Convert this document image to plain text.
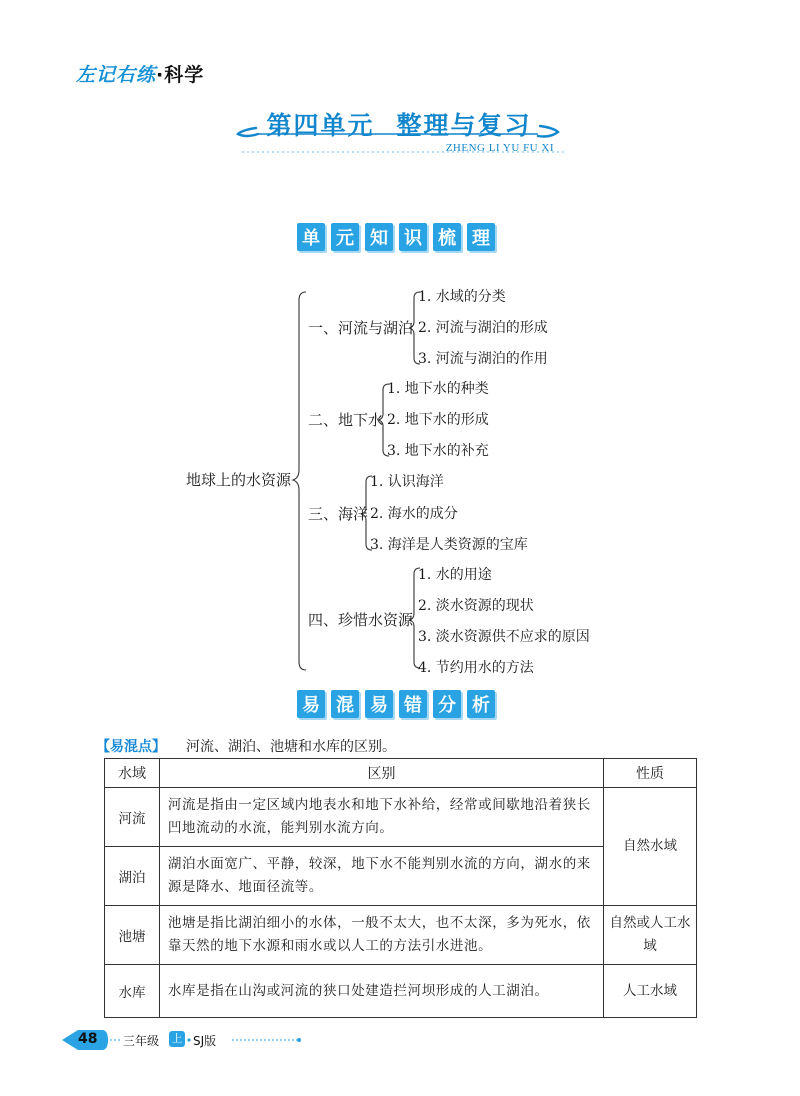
左记右练·科学
第四单元 整理与复习
ZHENG LI YU FU XI
单 元 知 识 梳 理
地球上的水资源
一、河流与湖泊
1. 水域的分类
2. 河流与湖泊的形成
3. 河流与湖泊的作用
二、地下水
1. 地下水的种类
2. 地下水的形成
3. 地下水的补充
三、海洋
1. 认识海洋
2. 海水的成分
3. 海洋是人类资源的宝库
四、珍惜水资源
1. 水的用途
2. 淡水资源的现状
3. 淡水资源供不应求的原因
4. 节约用水的方法
易 混 易 错 分 析
【易混点】 河流、湖泊、池塘和水库的区别。
水域	区别	性质
河流	河流是指由一定区域内地表水和地下水补给，经常或间歇地沿着狭长凹地流动的水流，能判别水流方向。	自然水域
湖泊	湖泊水面宽广、平静，较深，地下水不能判别水流的方向，湖水的来源是降水、地面径流等。	
池塘	池塘是指比湖泊细小的水体，一般不太大，也不太深，多为死水，依靠天然的地下水源和雨水或以人工的方法引水进池。	自然或人工水域
水库	水库是指在山沟或河流的狭口处建造拦河坝形成的人工湖泊。	人工水域
48 三年级 上 SJ版
